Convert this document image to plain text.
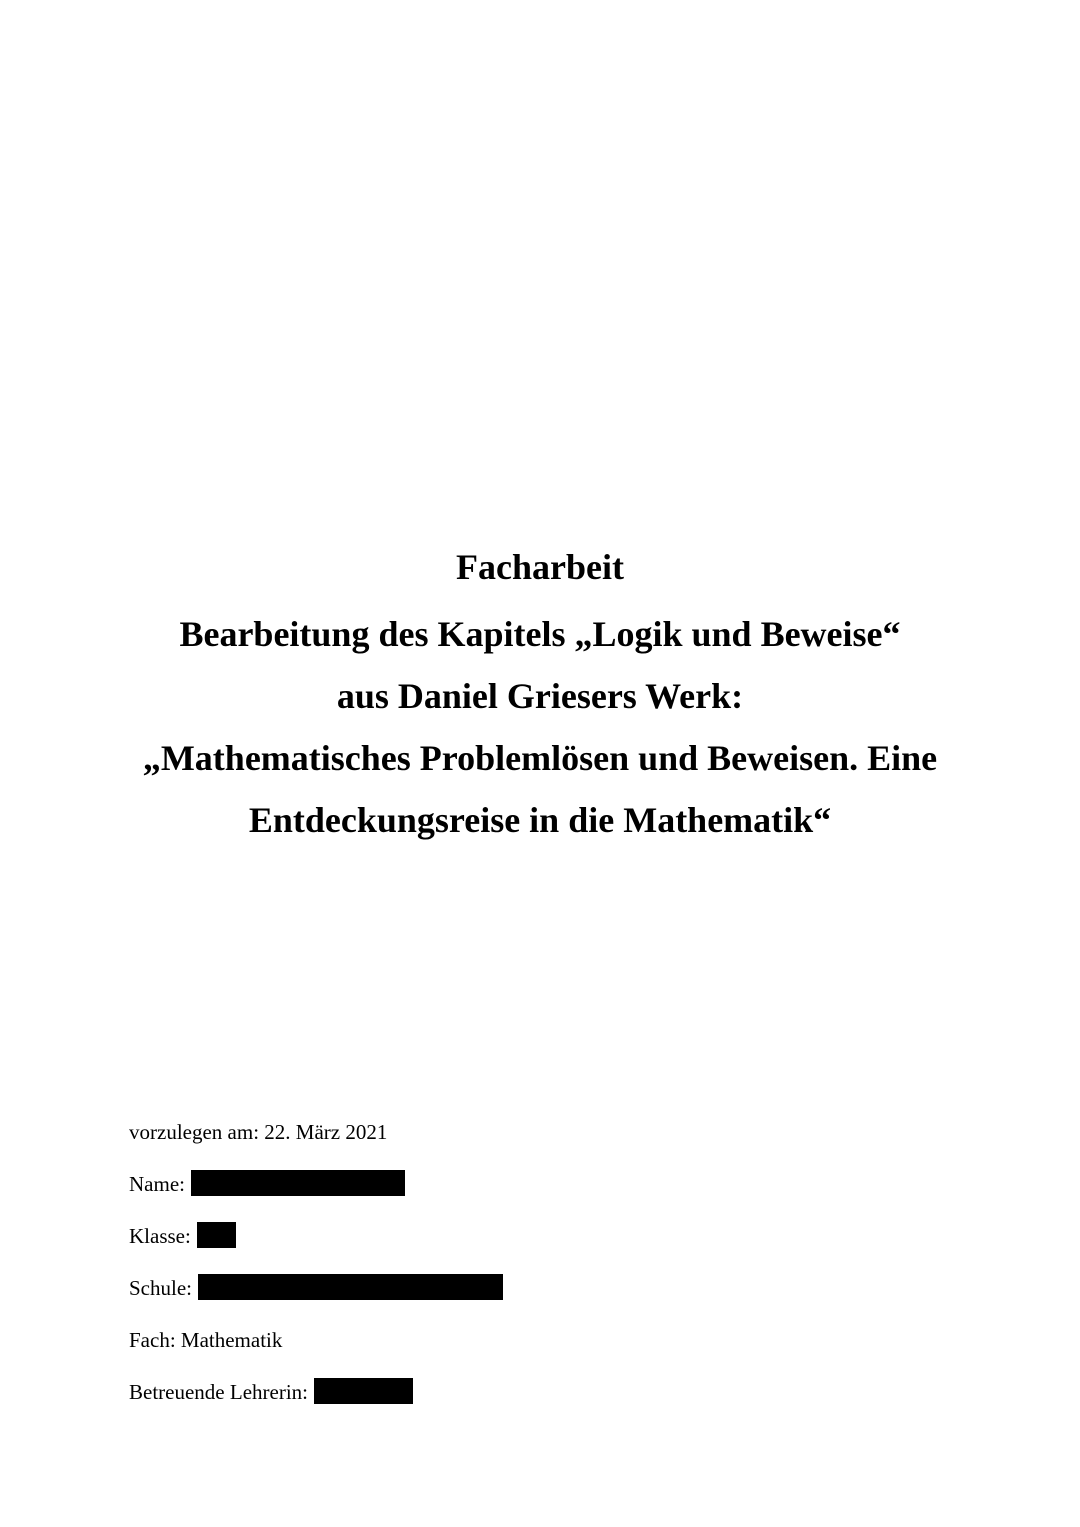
Facharbeit

Bearbeitung des Kapitels „Logik und Beweise“
aus Daniel Griesers Werk:
„Mathematisches Problemlösen und Beweisen. Eine
Entdeckungsreise in die Mathematik“

vorzulegen am: 22. März 2021
Name:
Klasse:
Schule:
Fach: Mathematik
Betreuende Lehrerin:
